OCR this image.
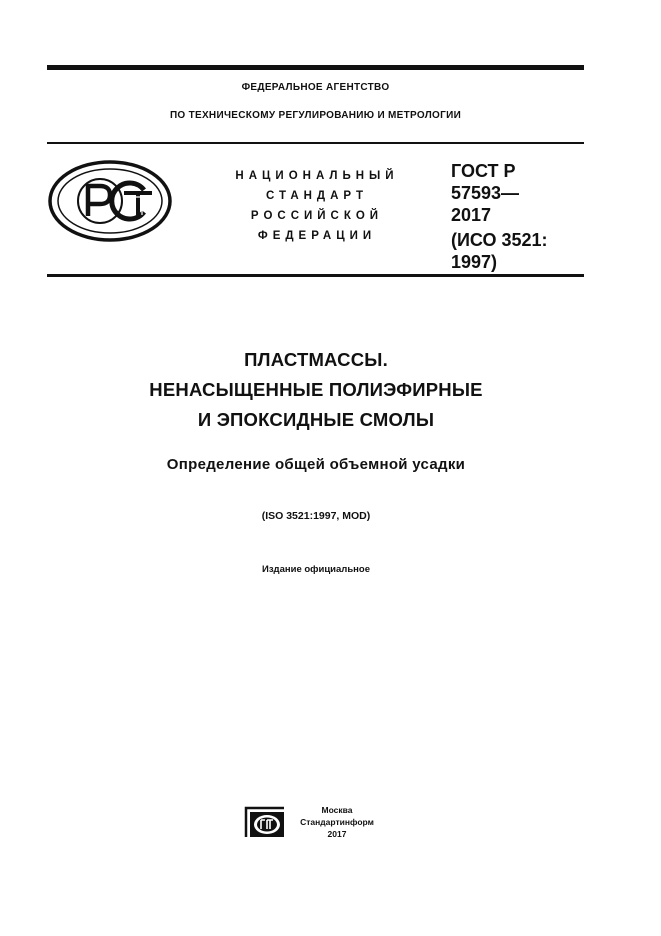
ФЕДЕРАЛЬНОЕ АГЕНТСТВО
ПО ТЕХНИЧЕСКОМУ РЕГУЛИРОВАНИЮ И МЕТРОЛОГИИ
НАЦИОНАЛЬНЫЙ
СТАНДАРТ
РОССИЙСКОЙ
ФЕДЕРАЦИИ
ГОСТ Р
57593—
2017
(ИСО 3521:
1997)
ПЛАСТМАССЫ.
НЕНАСЫЩЕННЫЕ ПОЛИЭФИРНЫЕ
И ЭПОКСИДНЫЕ СМОЛЫ
Определение общей объемной усадки
(ISO 3521:1997, MOD)
Издание официальное
Москва
Стандартинформ
2017
